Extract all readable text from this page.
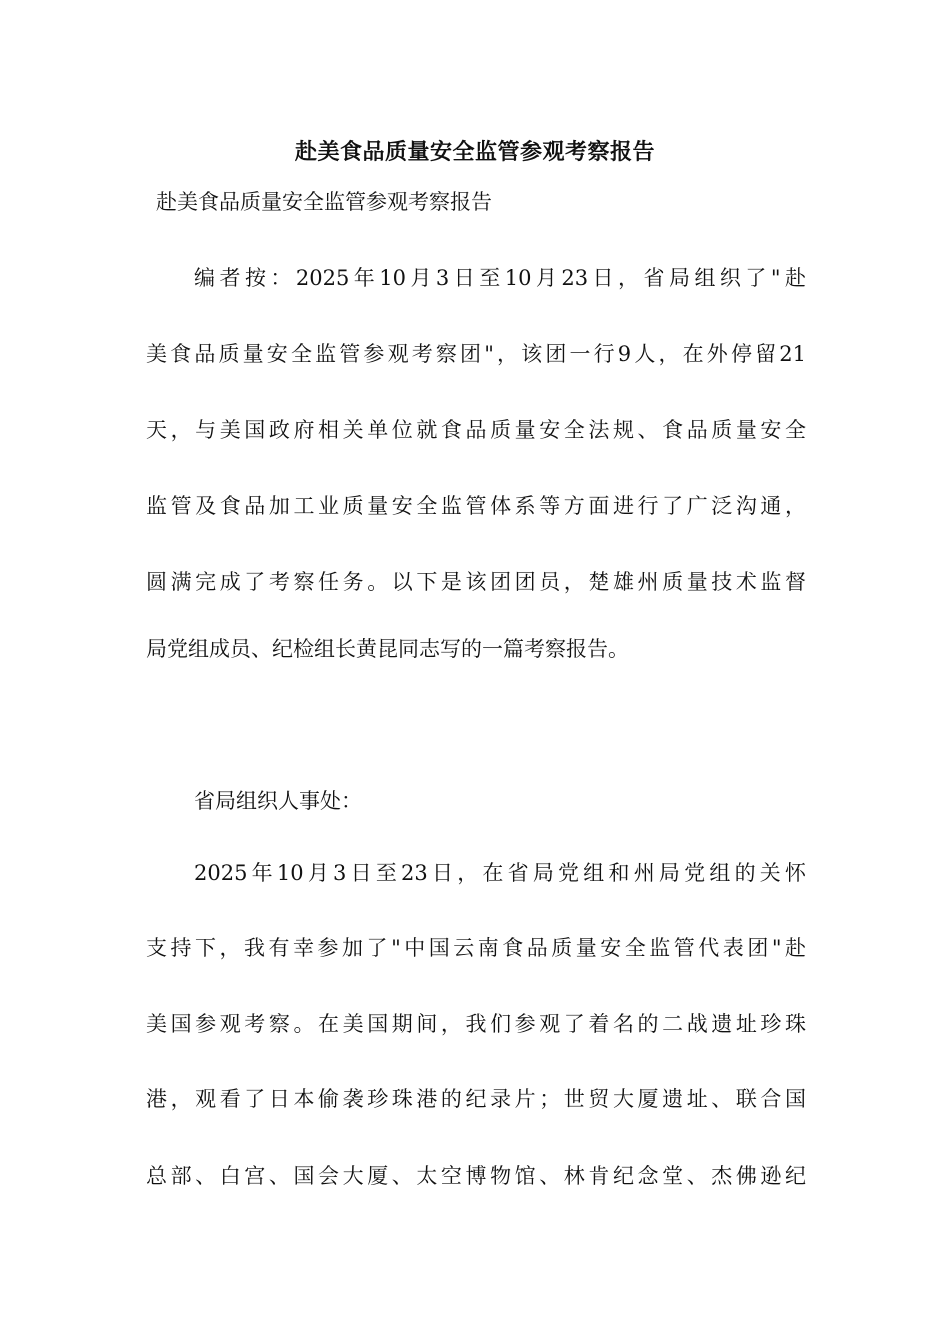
赴美食品质量安全监管参观考察报告
赴美食品质量安全监管参观考察报告
编者按：2025年10月3日至10月23日，省局组织了"赴
美食品质量安全监管参观考察团"，该团一行9人，在外停留21
天，与美国政府相关单位就食品质量安全法规、食品质量安全
监管及食品加工业质量安全监管体系等方面进行了广泛沟通，
圆满完成了考察任务。以下是该团团员，楚雄州质量技术监督
局党组成员、纪检组长黄昆同志写的一篇考察报告。
省局组织人事处：
2025年10月3日至23日，在省局党组和州局党组的关怀
支持下，我有幸参加了"中国云南食品质量安全监管代表团"赴
美国参观考察。在美国期间，我们参观了着名的二战遗址珍珠
港，观看了日本偷袭珍珠港的纪录片；世贸大厦遗址、联合国
总部、白宫、国会大厦、太空博物馆、林肯纪念堂、杰佛逊纪
